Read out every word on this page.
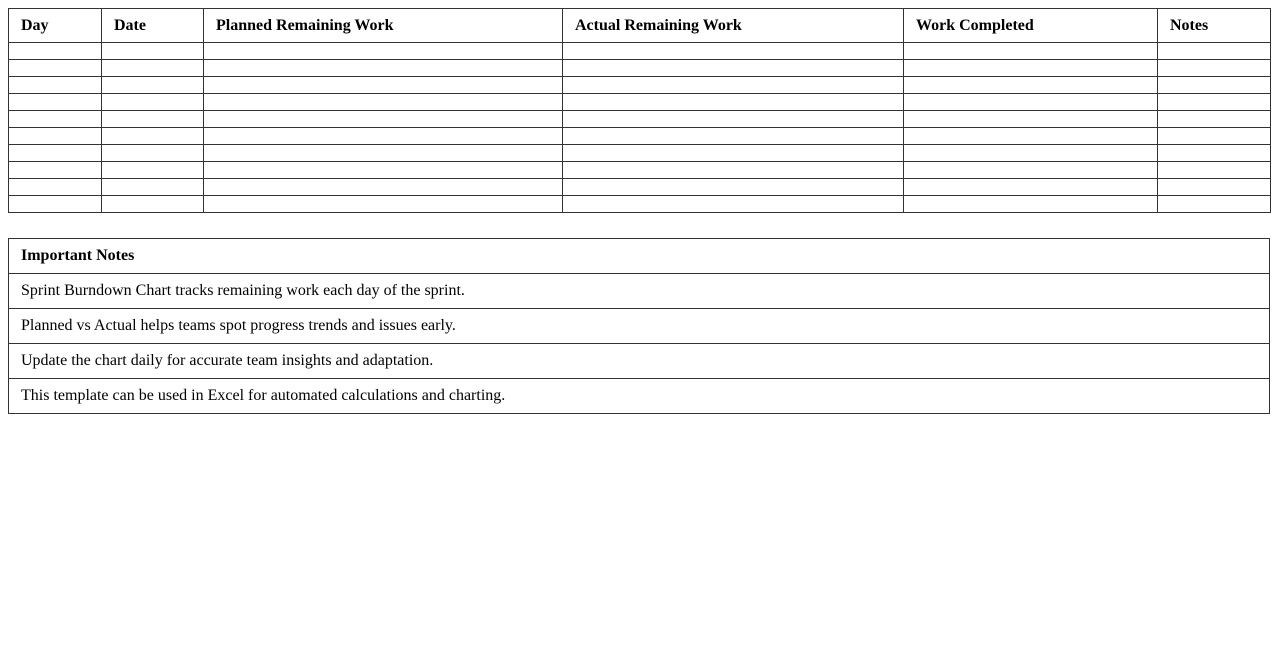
Day	Date	Planned Remaining Work	Actual Remaining Work	Work Completed	Notes

Important Notes
Sprint Burndown Chart tracks remaining work each day of the sprint.
Planned vs Actual helps teams spot progress trends and issues early.
Update the chart daily for accurate team insights and adaptation.
This template can be used in Excel for automated calculations and charting.
